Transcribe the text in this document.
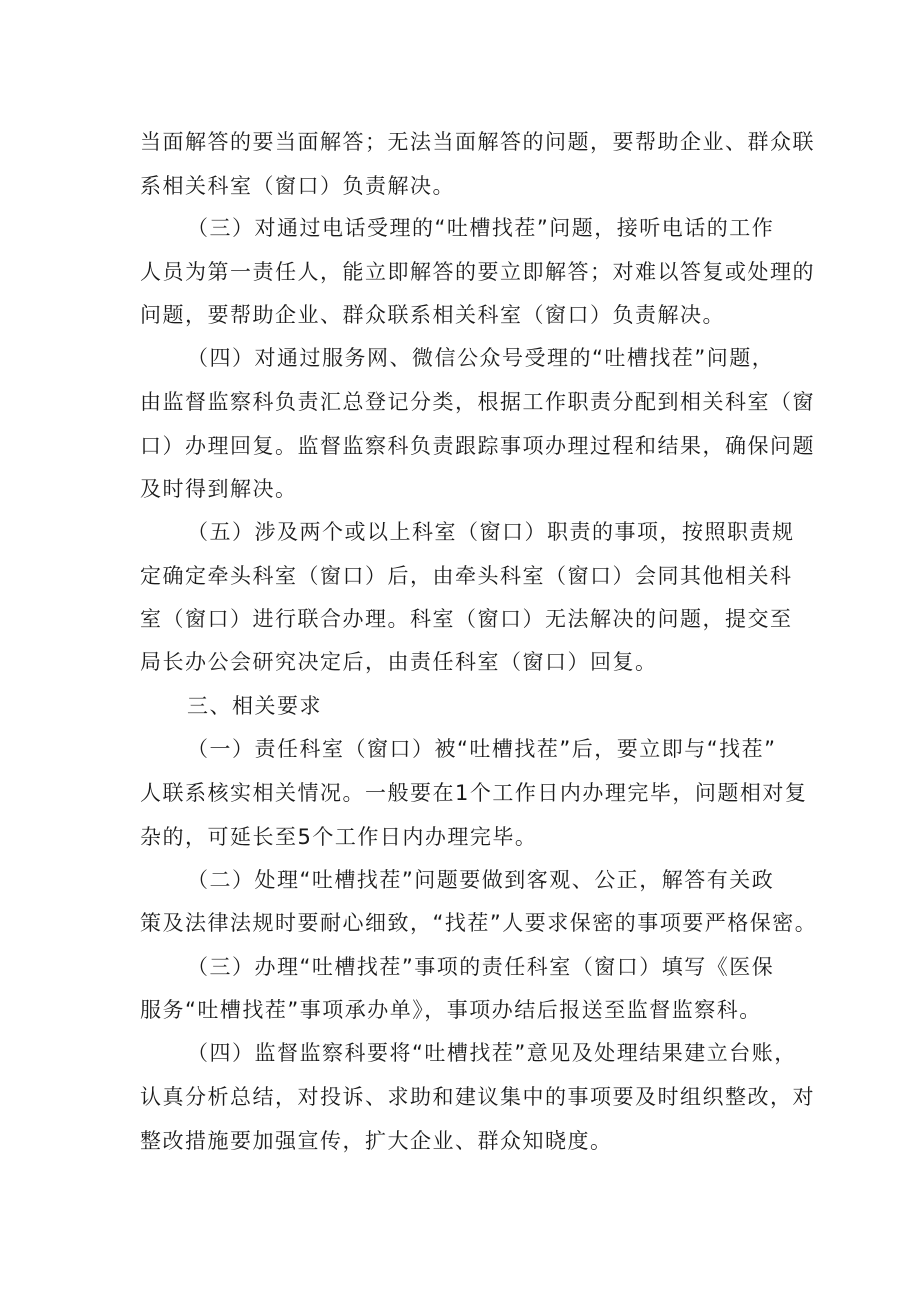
当面解答的要当面解答；无法当面解答的问题，要帮助企业、群众联
系相关科室（窗口）负责解决。
（三）对通过电话受理的“吐槽找茬”问题，接听电话的工作
人员为第一责任人，能立即解答的要立即解答；对难以答复或处理的
问题，要帮助企业、群众联系相关科室（窗口）负责解决。
（四）对通过服务网、微信公众号受理的“吐槽找茬”问题，
由监督监察科负责汇总登记分类，根据工作职责分配到相关科室（窗
口）办理回复。监督监察科负责跟踪事项办理过程和结果，确保问题
及时得到解决。
（五）涉及两个或以上科室（窗口）职责的事项，按照职责规
定确定牵头科室（窗口）后，由牵头科室（窗口）会同其他相关科
室（窗口）进行联合办理。科室（窗口）无法解决的问题，提交至
局长办公会研究决定后，由责任科室（窗口）回复。
三、相关要求
（一）责任科室（窗口）被“吐槽找茬”后，要立即与“找茬”
人联系核实相关情况。一般要在1个工作日内办理完毕，问题相对复
杂的，可延长至5个工作日内办理完毕。
（二）处理“吐槽找茬”问题要做到客观、公正，解答有关政
策及法律法规时要耐心细致，“找茬”人要求保密的事项要严格保密。
（三）办理“吐槽找茬”事项的责任科室（窗口）填写《医保
服务“吐槽找茬”事项承办单》，事项办结后报送至监督监察科。
（四）监督监察科要将“吐槽找茬”意见及处理结果建立台账，
认真分析总结，对投诉、求助和建议集中的事项要及时组织整改，对
整改措施要加强宣传，扩大企业、群众知晓度。
